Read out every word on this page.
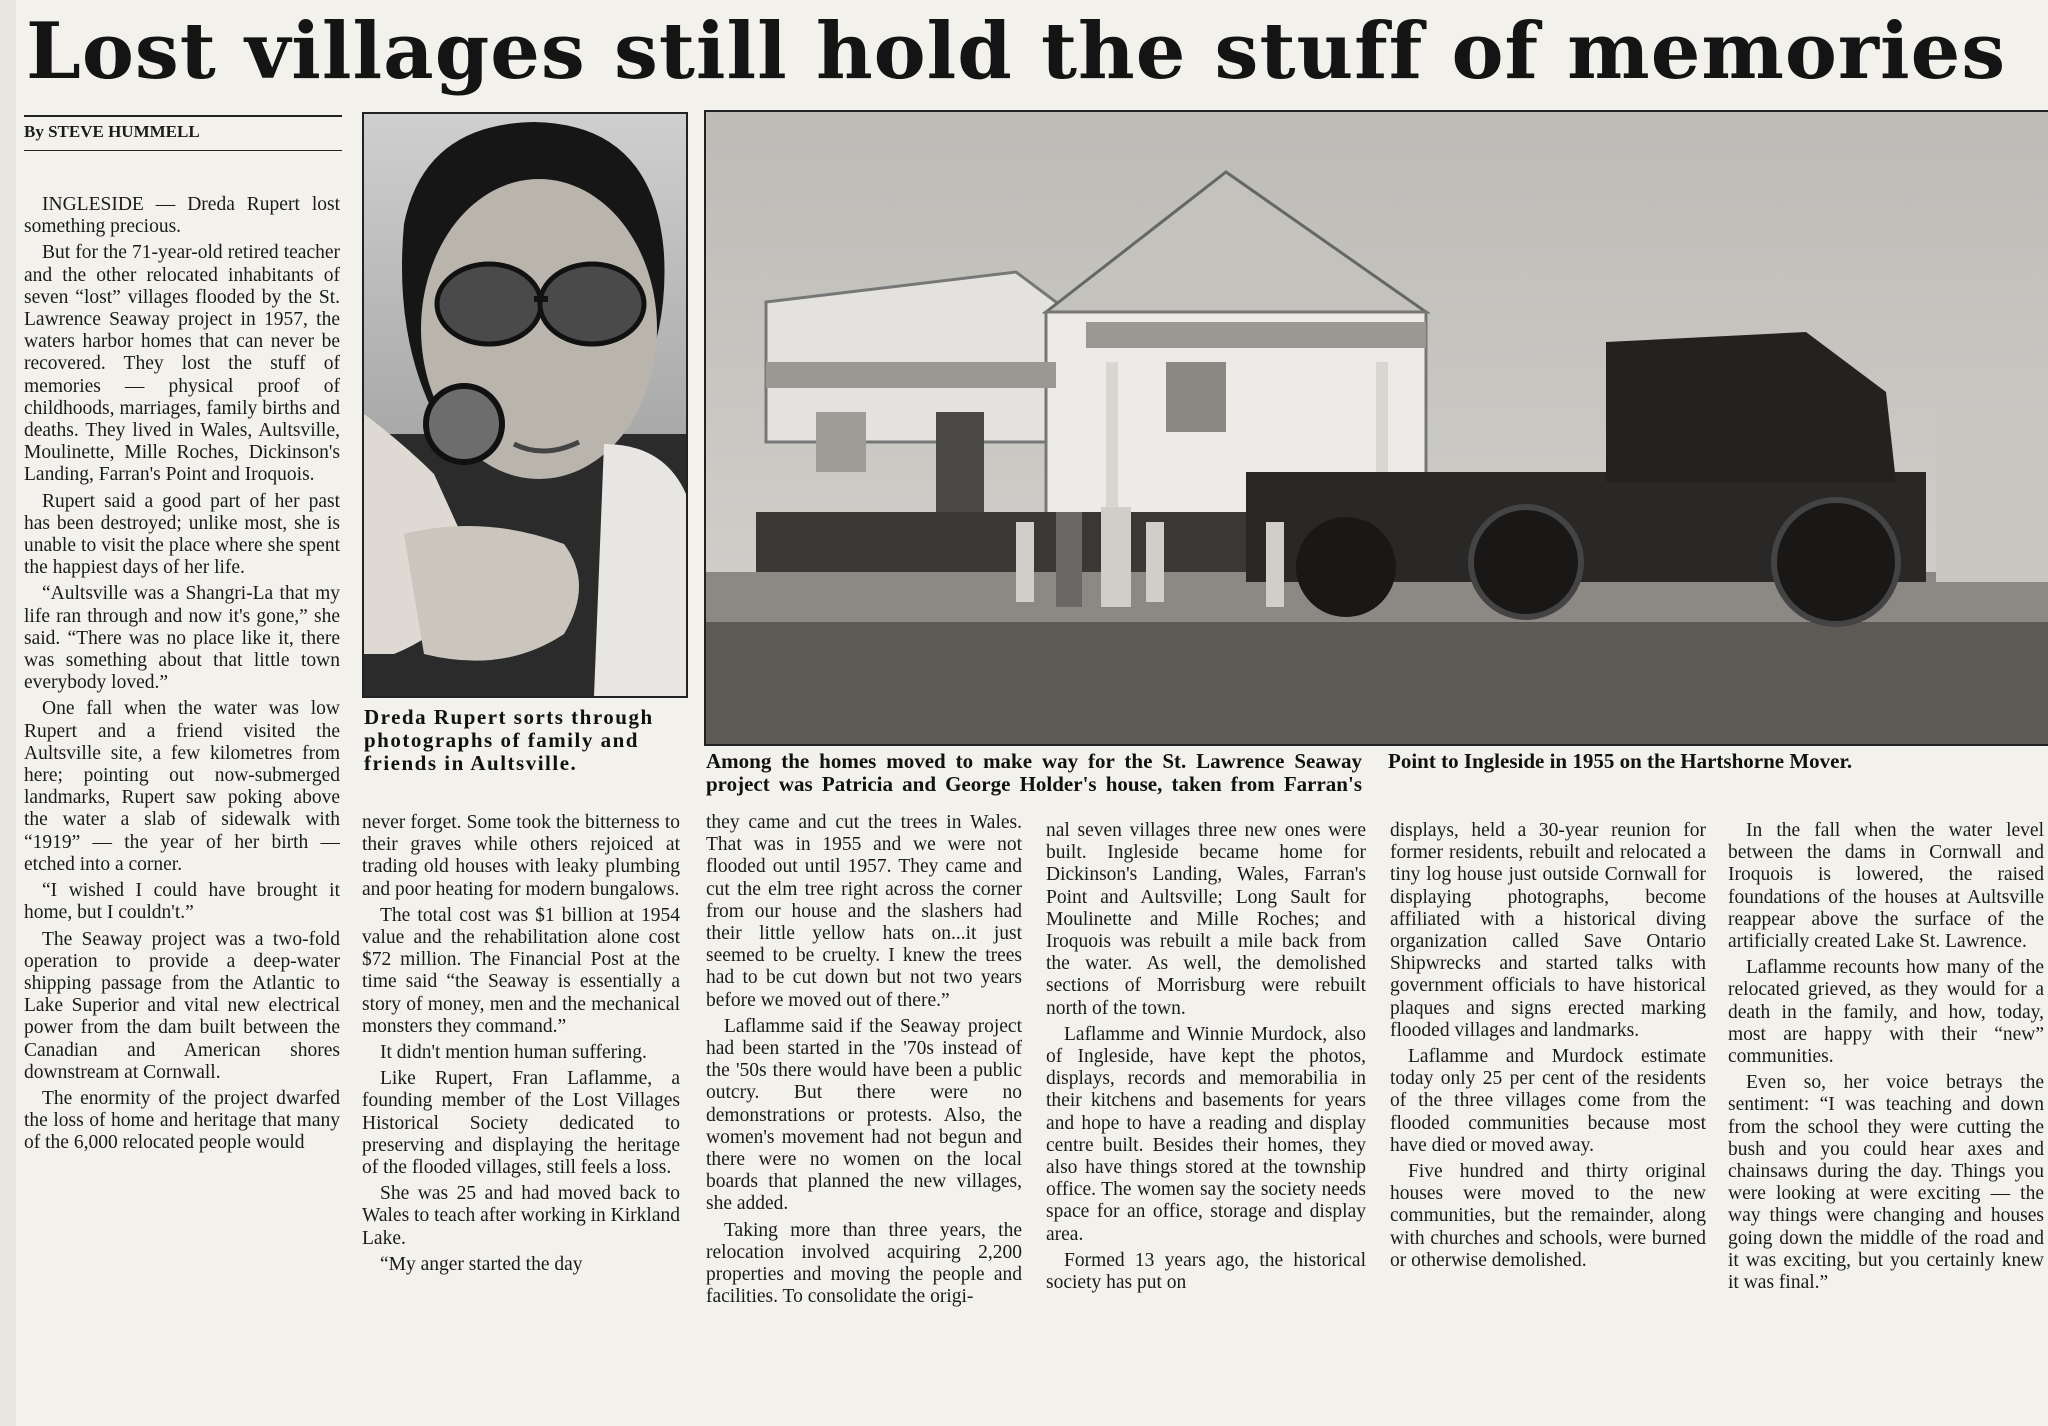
Lost villages still hold the stuff of memories
By STEVE HUMMELL
Dreda Rupert sorts through photographs of family and friends in Aultsville.	Among the homes moved to make way for the St. Lawrence Seaway project was Patricia and George Holder's house, taken from Farran's Point to Ingleside in 1955 on the Hartshorne Mover.

INGLESIDE — Dreda Rupert lost something precious.

But for the 71-year-old retired teacher and the other relocated inhabitants of seven “lost” villages flooded by the St. Lawrence Seaway project in 1957, the waters harbor homes that can never be recovered. They lost the stuff of memories — physical proof of childhoods, marriages, family births and deaths. They lived in Wales, Aultsville, Moulinette, Mille Roches, Dickinson's Landing, Farran's Point and Iroquois.

Rupert said a good part of her past has been destroyed; unlike most, she is unable to visit the place where she spent the happiest days of her life.

“Aultsville was a Shangri-La that my life ran through and now it's gone,” she said. “There was no place like it, there was something about that little town everybody loved.”

One fall when the water was low Rupert and a friend visited the Aultsville site, a few kilometres from here; pointing out now-submerged landmarks, Rupert saw poking above the water a slab of sidewalk with “1919” — the year of her birth — etched into a corner.

“I wished I could have brought it home, but I couldn't.”

The Seaway project was a two-fold operation to provide a deep-water shipping passage from the Atlantic to Lake Superior and vital new electrical power from the dam built between the Canadian and American shores downstream at Cornwall.

The enormity of the project dwarfed the loss of home and heritage that many of the 6,000 relocated people would

never forget. Some took the bitterness to their graves while others rejoiced at trading old houses with leaky plumbing and poor heating for modern bungalows.

The total cost was $1 billion at 1954 value and the rehabilitation alone cost $72 million. The Financial Post at the time said “the Seaway is essentially a story of money, men and the mechanical monsters they command.”

It didn't mention human suffering.

Like Rupert, Fran Laflamme, a founding member of the Lost Villages Historical Society dedicated to preserving and displaying the heritage of the flooded villages, still feels a loss.

She was 25 and had moved back to Wales to teach after working in Kirkland Lake.

“My anger started the day

they came and cut the trees in Wales. That was in 1955 and we were not flooded out until 1957. They came and cut the elm tree right across the corner from our house and the slashers had their little yellow hats on...it just seemed to be cruelty. I knew the trees had to be cut down but not two years before we moved out of there.”

Laflamme said if the Seaway project had been started in the '70s instead of the '50s there would have been a public outcry. But there were no demonstrations or protests. Also, the women's movement had not begun and there were no women on the local boards that planned the new villages, she added.

Taking more than three years, the relocation involved acquiring 2,200 properties and moving the people and facilities. To consolidate the origi-

nal seven villages three new ones were built. Ingleside became home for Dickinson's Landing, Wales, Farran's Point and Aultsville; Long Sault for Moulinette and Mille Roches; and Iroquois was rebuilt a mile back from the water. As well, the demolished sections of Morrisburg were rebuilt north of the town.

Laflamme and Winnie Murdock, also of Ingleside, have kept the photos, displays, records and memorabilia in their kitchens and basements for years and hope to have a reading and display centre built. Besides their homes, they also have things stored at the township office. The women say the society needs space for an office, storage and display area.

Formed 13 years ago, the historical society has put on

displays, held a 30-year reunion for former residents, rebuilt and relocated a tiny log house just outside Cornwall for displaying photographs, become affiliated with a historical diving organization called Save Ontario Shipwrecks and started talks with government officials to have historical plaques and signs erected marking flooded villages and landmarks.

Laflamme and Murdock estimate today only 25 per cent of the residents of the three villages come from the flooded communities because most have died or moved away.

Five hundred and thirty original houses were moved to the new communities, but the remainder, along with churches and schools, were burned or otherwise demolished.

In the fall when the water level between the dams in Cornwall and Iroquois is lowered, the raised foundations of the houses at Aultsville reappear above the surface of the artificially created Lake St. Lawrence.

Laflamme recounts how many of the relocated grieved, as they would for a death in the family, and how, today, most are happy with their “new” communities.

Even so, her voice betrays the sentiment: “I was teaching and down from the school they were cutting the bush and you could hear axes and chainsaws during the day. Things you were looking at were exciting — the way things were changing and houses going down the middle of the road and it was exciting, but you certainly knew it was final.”
